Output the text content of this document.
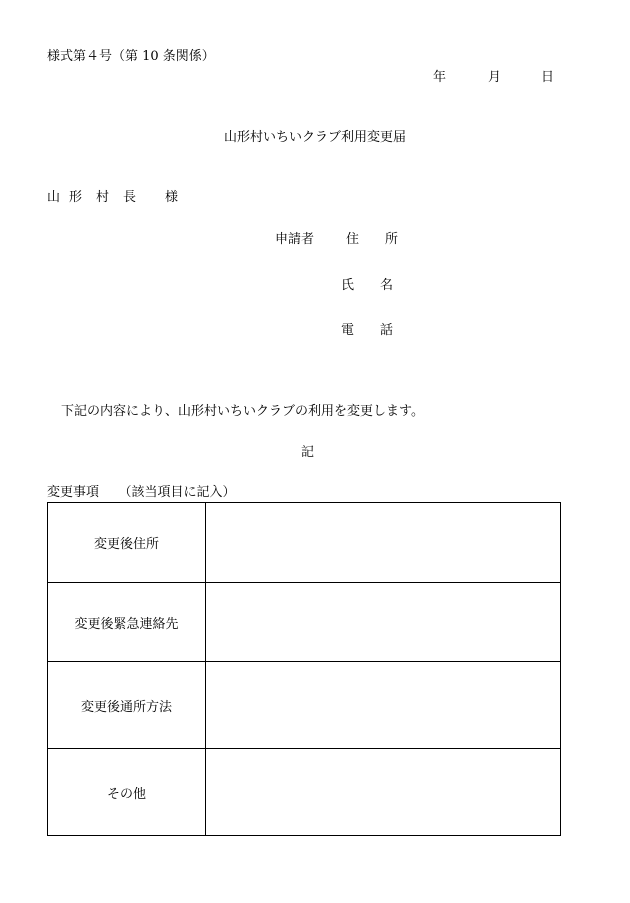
様式第４号（第 10 条関係）
年	月	日
山形村いちいクラブ利用変更届
山 形 村 長 様
申請者 住　　所
氏　　名
電　　話
下記の内容により、山形村いちいクラブの利用を変更します。
記
変更事項　　（該当項目に記入）
変更後住所	
変更後緊急連絡先	
変更後通所方法	
その他	
